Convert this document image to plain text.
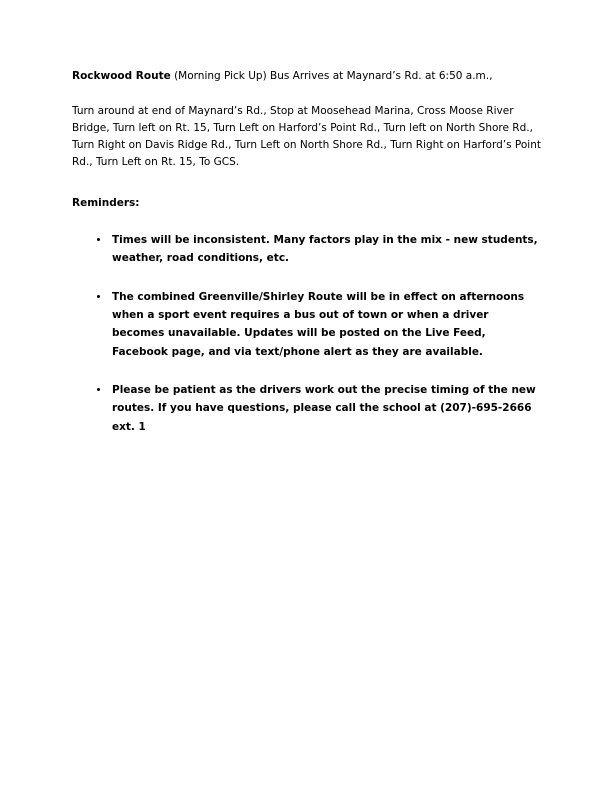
Rockwood Route (Morning Pick Up) Bus Arrives at Maynard’s Rd. at 6:50 a.m.,

Turn around at end of Maynard’s Rd., Stop at Moosehead Marina, Cross Moose River Bridge, Turn left on Rt. 15, Turn Left on Harford’s Point Rd., Turn left on North Shore Rd., Turn Right on Davis Ridge Rd., Turn Left on North Shore Rd., Turn Right on Harford’s Point Rd., Turn Left on Rt. 15, To GCS.

Reminders:

• Times will be inconsistent. Many factors play in the mix - new students, weather, road conditions, etc.
• The combined Greenville/Shirley Route will be in effect on afternoons when a sport event requires a bus out of town or when a driver becomes unavailable. Updates will be posted on the Live Feed, Facebook page, and via text/phone alert as they are available.
• Please be patient as the drivers work out the precise timing of the new routes. If you have questions, please call the school at (207)-695-2666 ext. 1
